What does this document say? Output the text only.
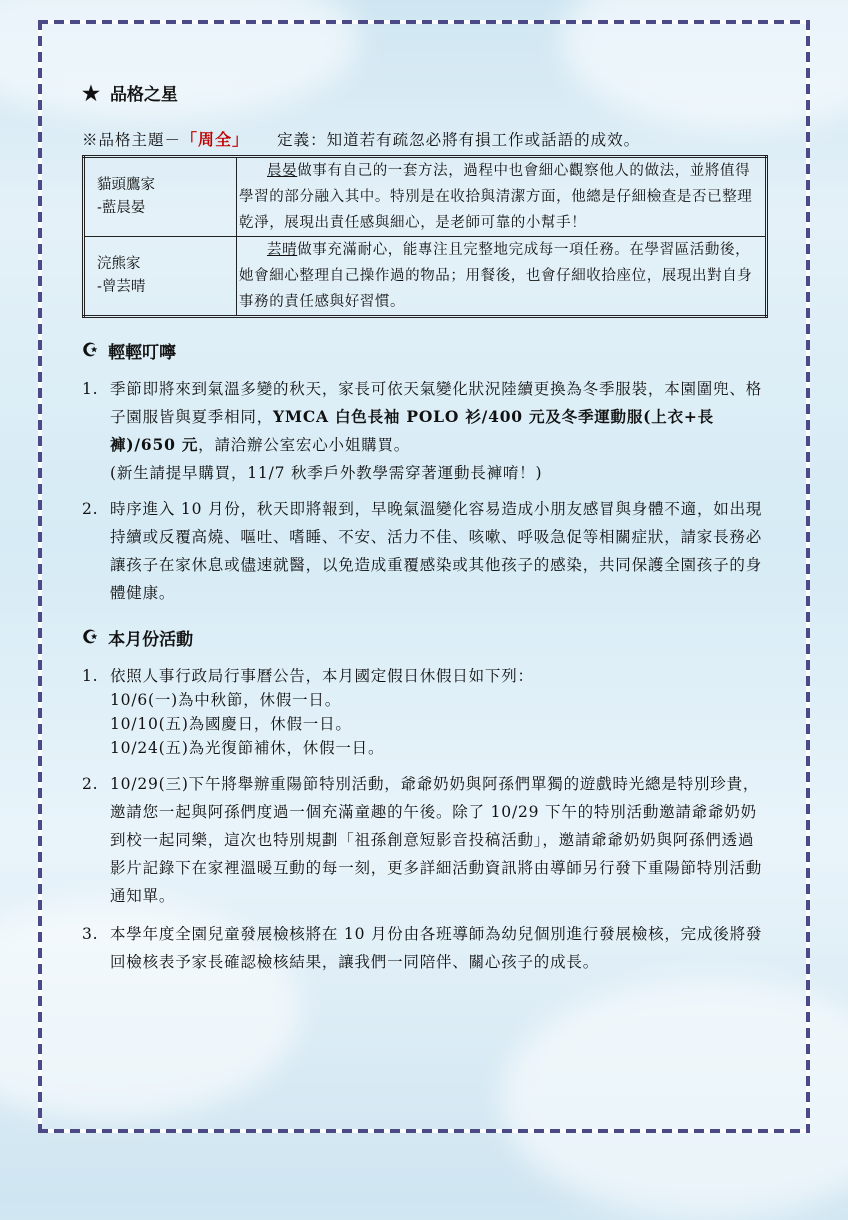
★ 品格之星
※品格主題－「周全」 定義：知道若有疏忽必將有損工作或話語的成效。
貓頭鷹家
-藍晨晏	晨晏做事有自己的一套方法，過程中也會細心觀察他人的做法，並將值得學習的部分融入其中。特別是在收拾與清潔方面，他總是仔細檢查是否已整理乾淨，展現出責任感與細心，是老師可靠的小幫手！

浣熊家
-曾芸晴	芸晴做事充滿耐心，能專注且完整地完成每一項任務。在學習區活動後，她會細心整理自己操作過的物品；用餐後，也會仔細收拾座位，展現出對自身事務的責任感與好習慣。
☪ 輕輕叮嚀
1. 季節即將來到氣溫多變的秋天，家長可依天氣變化狀況陸續更換為冬季服裝，本園圍兜、格子園服皆與夏季相同，YMCA 白色長袖 POLO 衫/400 元及冬季運動服(上衣+長褲)/650 元，請洽辦公室宏心小姐購買。
(新生請提早購買，11/7 秋季戶外教學需穿著運動長褲唷！)
2. 時序進入 10 月份，秋天即將報到，早晚氣溫變化容易造成小朋友感冒與身體不適，如出現持續或反覆高燒、嘔吐、嗜睡、不安、活力不佳、咳嗽、呼吸急促等相關症狀，請家長務必讓孩子在家休息或儘速就醫，以免造成重覆感染或其他孩子的感染，共同保護全園孩子的身體健康。
☪ 本月份活動
1. 依照人事行政局行事曆公告，本月國定假日休假日如下列：
10/6(一)為中秋節，休假一日。
10/10(五)為國慶日，休假一日。
10/24(五)為光復節補休，休假一日。
2. 10/29(三)下午將舉辦重陽節特別活動，爺爺奶奶與阿孫們單獨的遊戲時光總是特別珍貴，邀請您一起與阿孫們度過一個充滿童趣的午後。除了 10/29 下午的特別活動邀請爺爺奶奶到校一起同樂，這次也特別規劃「祖孫創意短影音投稿活動」，邀請爺爺奶奶與阿孫們透過影片記錄下在家裡溫暖互動的每一刻，更多詳細活動資訊將由導師另行發下重陽節特別活動通知單。
3. 本學年度全園兒童發展檢核將在 10 月份由各班導師為幼兒個別進行發展檢核，完成後將發回檢核表予家長確認檢核結果，讓我們一同陪伴、關心孩子的成長。
